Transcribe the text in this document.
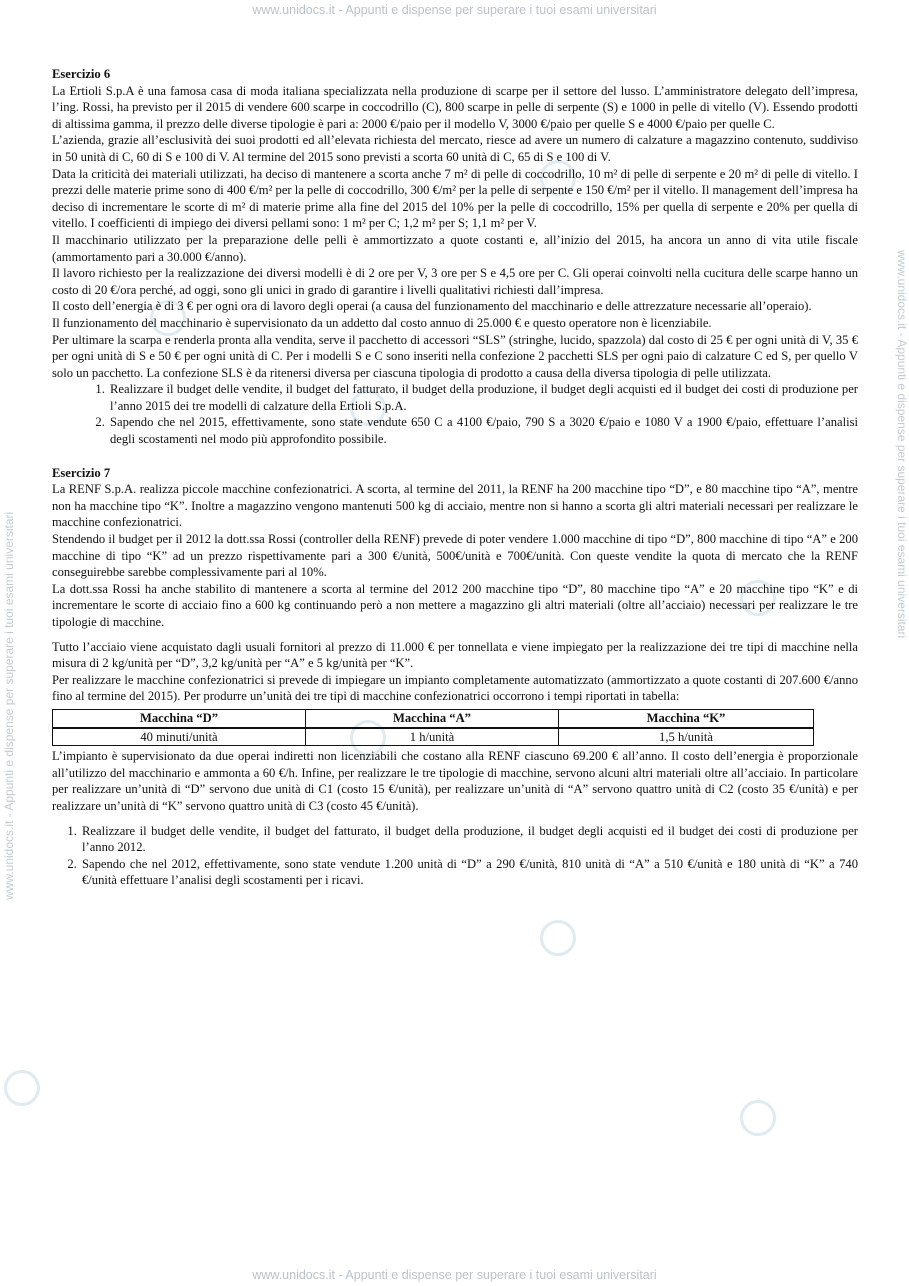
www.unidocs.it - Appunti e dispense per superare i tuoi esami universitari
www.unidocs.it - Appunti e dispense per superare i tuoi esami universitari
www.unidocs.it - Appunti e dispense per superare i tuoi esami universitari

Esercizio 6

La Ertioli S.p.A è una famosa casa di moda italiana specializzata nella produzione di scarpe per il settore del lusso. L’amministratore delegato dell’impresa, l’ing. Rossi, ha previsto per il 2015 di vendere 600 scarpe in coccodrillo (C), 800 scarpe in pelle di serpente (S) e 1000 in pelle di vitello (V). Essendo prodotti di altissima gamma, il prezzo delle diverse tipologie è pari a: 2000 €/paio per il modello V, 3000 €/paio per quelle S e 4000 €/paio per quelle C.

L’azienda, grazie all’esclusività dei suoi prodotti ed all’elevata richiesta del mercato, riesce ad avere un numero di calzature a magazzino contenuto, suddiviso in 50 unità di C, 60 di S e 100 di V. Al termine del 2015 sono previsti a scorta 60 unità di C, 65 di S e 100 di V.

Data la criticità dei materiali utilizzati, ha deciso di mantenere a scorta anche 7 m² di pelle di coccodrillo, 10 m² di pelle di serpente e 20 m² di pelle di vitello. I prezzi delle materie prime sono di 400 €/m² per la pelle di coccodrillo, 300 €/m² per la pelle di serpente e 150 €/m² per il vitello. Il management dell’impresa ha deciso di incrementare le scorte di m² di materie prime alla fine del 2015 del 10% per la pelle di coccodrillo, 15% per quella di serpente e 20% per quella di vitello. I coefficienti di impiego dei diversi pellami sono: 1 m² per C; 1,2 m² per S; 1,1 m² per V.

Il macchinario utilizzato per la preparazione delle pelli è ammortizzato a quote costanti e, all’inizio del 2015, ha ancora un anno di vita utile fiscale (ammortamento pari a 30.000 €/anno).

Il lavoro richiesto per la realizzazione dei diversi modelli è di 2 ore per V, 3 ore per S e 4,5 ore per C. Gli operai coinvolti nella cucitura delle scarpe hanno un costo di 20 €/ora perché, ad oggi, sono gli unici in grado di garantire i livelli qualitativi richiesti dall’impresa.

Il costo dell’energia è di 3 € per ogni ora di lavoro degli operai (a causa del funzionamento del macchinario e delle attrezzature necessarie all’operaio).

Il funzionamento del macchinario è supervisionato da un addetto dal costo annuo di 25.000 € e questo operatore non è licenziabile.

Per ultimare la scarpa e renderla pronta alla vendita, serve il pacchetto di accessori “SLS” (stringhe, lucido, spazzola) dal costo di 25 € per ogni unità di V, 35 € per ogni unità di S e 50 € per ogni unità di C. Per i modelli S e C sono inseriti nella confezione 2 pacchetti SLS per ogni paio di calzature C ed S, per quello V solo un pacchetto. La confezione SLS è da ritenersi diversa per ciascuna tipologia di prodotto a causa della diversa tipologia di pelle utilizzata.

1. Realizzare il budget delle vendite, il budget del fatturato, il budget della produzione, il budget degli acquisti ed il budget dei costi di produzione per l’anno 2015 dei tre modelli di calzature della Ertioli S.p.A.
2. Sapendo che nel 2015, effettivamente, sono state vendute 650 C a 4100 €/paio, 790 S a 3020 €/paio e 1080 V a 1900 €/paio, effettuare l’analisi degli scostamenti nel modo più approfondito possibile.

Esercizio 7

La RENF S.p.A. realizza piccole macchine confezionatrici. A scorta, al termine del 2011, la RENF ha 200 macchine tipo “D”, e 80 macchine tipo “A”, mentre non ha macchine tipo “K”. Inoltre a magazzino vengono mantenuti 500 kg di acciaio, mentre non si hanno a scorta gli altri materiali necessari per realizzare le macchine confezionatrici.

Stendendo il budget per il 2012 la dott.ssa Rossi (controller della RENF) prevede di poter vendere 1.000 macchine di tipo “D”, 800 macchine di tipo “A” e 200 macchine di tipo “K” ad un prezzo rispettivamente pari a 300 €/unità, 500€/unità e 700€/unità. Con queste vendite la quota di mercato che la RENF conseguirebbe sarebbe complessivamente pari al 10%.

La dott.ssa Rossi ha anche stabilito di mantenere a scorta al termine del 2012 200 macchine tipo “D”, 80 macchine tipo “A” e 20 macchine tipo “K” e di incrementare le scorte di acciaio fino a 600 kg continuando però a non mettere a magazzino gli altri materiali (oltre all’acciaio) necessari per realizzare le tre tipologie di macchine.

Tutto l’acciaio viene acquistato dagli usuali fornitori al prezzo di 11.000 € per tonnellata e viene impiegato per la realizzazione dei tre tipi di macchine nella misura di 2 kg/unità per “D”, 3,2 kg/unità per “A” e 5 kg/unità per “K”.

Per realizzare le macchine confezionatrici si prevede di impiegare un impianto completamente automatizzato (ammortizzato a quote costanti di 207.600 €/anno fino al termine del 2015). Per produrre un’unità dei tre tipi di macchine confezionatrici occorrono i tempi riportati in tabella:

Macchina “D”	Macchina “A”	Macchina “K”
40 minuti/unità	1 h/unità	1,5 h/unità

L’impianto è supervisionato da due operai indiretti non licenziabili che costano alla RENF ciascuno 69.200 € all’anno. Il costo dell’energia è proporzionale all’utilizzo del macchinario e ammonta a 60 €/h. Infine, per realizzare le tre tipologie di macchine, servono alcuni altri materiali oltre all’acciaio. In particolare per realizzare un’unità di “D” servono due unità di C1 (costo 15 €/unità), per realizzare un’unità di “A” servono quattro unità di C2 (costo 35 €/unità) e per realizzare un’unità di “K” servono quattro unità di C3 (costo 45 €/unità).

1. Realizzare il budget delle vendite, il budget del fatturato, il budget della produzione, il budget degli acquisti ed il budget dei costi di produzione per l’anno 2012.
2. Sapendo che nel 2012, effettivamente, sono state vendute 1.200 unità di “D” a 290 €/unità, 810 unità di “A” a 510 €/unità e 180 unità di “K” a 740 €/unità effettuare l’analisi degli scostamenti per i ricavi.
www.unidocs.it - Appunti e dispense per superare i tuoi esami universitari
